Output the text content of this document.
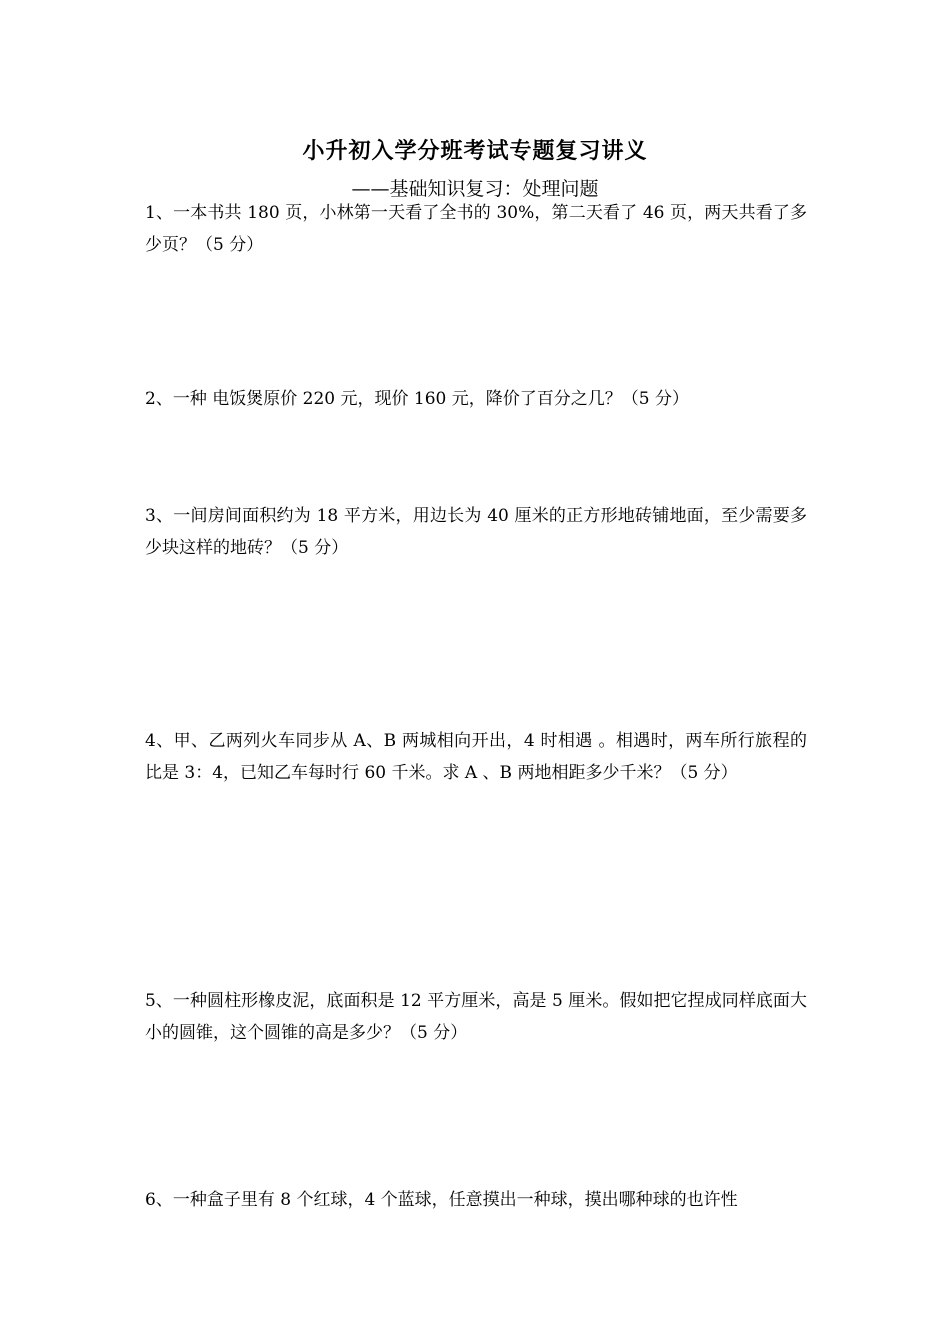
小升初入学分班考试专题复习讲义
——基础知识复习：处理问题
1、一本书共 180 页，小林第一天看了全书的 30%，第二天看了 46 页，两天共看了多少页？（5 分）
2、一种 电饭煲原价 220 元，现价 160 元，降价了百分之几？（5 分）
3、一间房间面积约为 18 平方米，用边长为 40 厘米的正方形地砖铺地面，至少需要多少块这样的地砖？（5 分）
4、甲、乙两列火车同步从 A、B 两城相向开出，4 时相遇 。相遇时，两车所行旅程的比是 3：4，已知乙车每时行 60 千米。求 A 、B 两地相距多少千米？（5 分）
5、一种圆柱形橡皮泥，底面积是 12 平方厘米，高是 5 厘米。假如把它捏成同样底面大小的圆锥，这个圆锥的高是多少？（5 分）
6、一种盒子里有 8 个红球，4 个蓝球，任意摸出一种球，摸出哪种球的也许性
